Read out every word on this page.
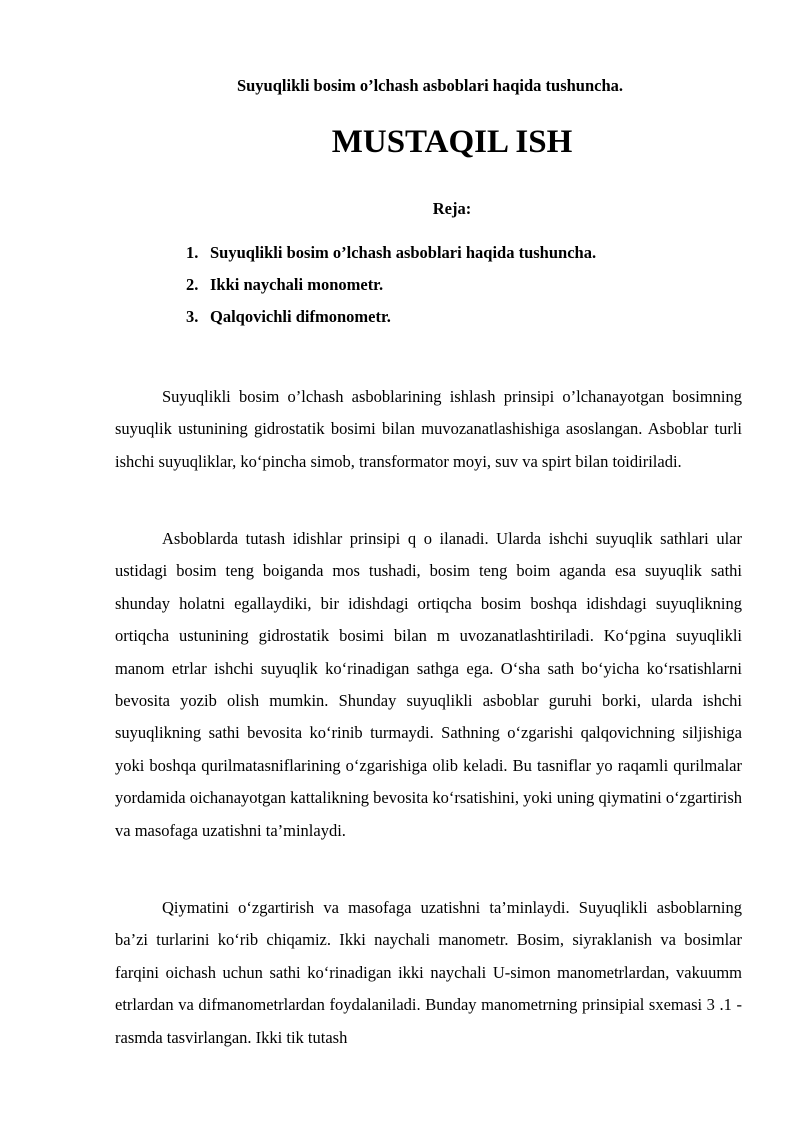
Suyuqlikli bosim o’lchash asboblari haqida tushuncha.
MUSTAQIL ISH
Reja:
1. Suyuqlikli bosim o’lchash asboblari haqida tushuncha.
2. Ikki naychali monometr.
3. Qalqovichli difmonometr.

Suyuqlikli bosim o’lchash asboblarining ishlash prinsipi o’lchanayotgan bosimning suyuqlik ustunining gidrostatik bosimi bilan muvozanatlashishiga asoslangan. Asboblar turli ishchi suyuqliklar, ko‘pincha simob, transformator moyi, suv va spirt bilan toidiriladi.

Asboblarda tutash idishlar prinsipi q o ilanadi. Ularda ishchi suyuqlik sathlari ular ustidagi bosim teng boiganda mos tushadi, bosim teng boim aganda esa suyuqlik sathi shunday holatni egallaydiki, bir idishdagi ortiqcha bosim boshqa idishdagi suyuqlikning ortiqcha ustunining gidrostatik bosimi bilan m uvozanatlashtiriladi. Ko‘pgina suyuqlikli manom etrlar ishchi suyuqlik ko‘rinadigan sathga ega. O‘sha sath bo‘yicha ko‘rsatishlarni bevosita yozib olish mumkin. Shunday suyuqlikli asboblar guruhi borki, ularda ishchi suyuqlikning sathi bevosita ko‘rinib turmaydi. Sathning o‘zgarishi qalqovichning siljishiga yoki boshqa qurilmatasniflarining o‘zgarishiga olib keladi. Bu tasniflar yo raqamli qurilmalar yordamida oichanayotgan kattalikning bevosita ko‘rsatishini, yoki uning qiymatini o‘zgartirish va masofaga uzatishni ta’minlaydi.

Qiymatini o‘zgartirish va masofaga uzatishni ta’minlaydi. Suyuqlikli asboblarning ba’zi turlarini ko‘rib chiqamiz. Ikki naychali manometr. Bosim, siyraklanish va bosimlar farqini oichash uchun sathi ko‘rinadigan ikki naychali U-simon manometrlardan, vakuumm etrlardan va difmanometrlardan foydalaniladi. Bunday manometrning prinsipial sxemasi 3 .1 -rasmda tasvirlangan. Ikki tik tutash
